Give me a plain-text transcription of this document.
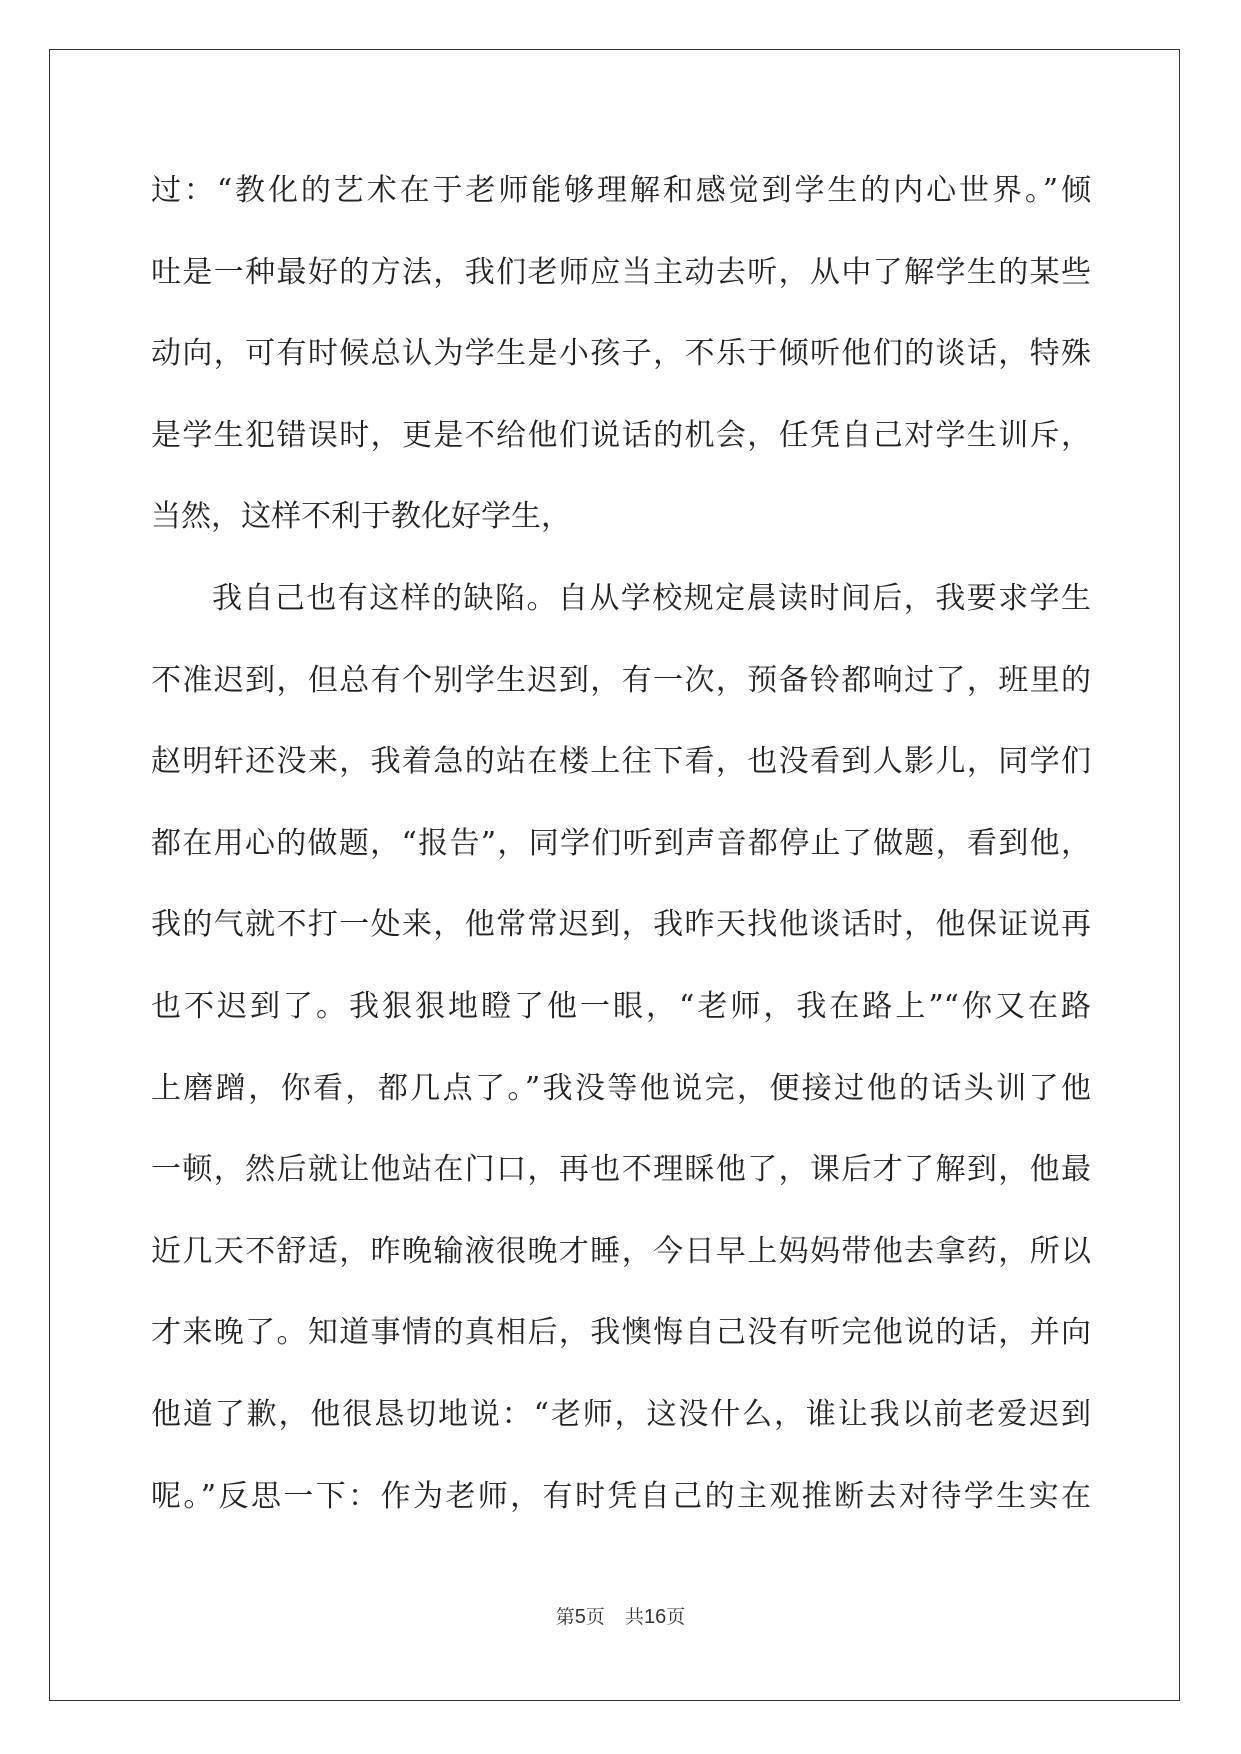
过：“教化的艺术在于老师能够理解和感觉到学生的内心世界。”倾
吐是一种最好的方法，我们老师应当主动去听，从中了解学生的某些
动向，可有时候总认为学生是小孩子，不乐于倾听他们的谈话，特殊
是学生犯错误时，更是不给他们说话的机会，任凭自己对学生训斥，
当然，这样不利于教化好学生，
我自己也有这样的缺陷。自从学校规定晨读时间后，我要求学生
不准迟到，但总有个别学生迟到，有一次，预备铃都响过了，班里的
赵明轩还没来，我着急的站在楼上往下看，也没看到人影儿，同学们
都在用心的做题，“报告”，同学们听到声音都停止了做题，看到他，
我的气就不打一处来，他常常迟到，我昨天找他谈话时，他保证说再
也不迟到了。我狠狠地瞪了他一眼，“老师，我在路上”“你又在路
上磨蹭，你看，都几点了。”我没等他说完，便接过他的话头训了他
一顿，然后就让他站在门口，再也不理睬他了，课后才了解到，他最
近几天不舒适，昨晚输液很晚才睡，今日早上妈妈带他去拿药，所以
才来晚了。知道事情的真相后，我懊悔自己没有听完他说的话，并向
他道了歉，他很恳切地说：“老师，这没什么，谁让我以前老爱迟到
呢。”反思一下：作为老师，有时凭自己的主观推断去对待学生实在
第5页 共16页
